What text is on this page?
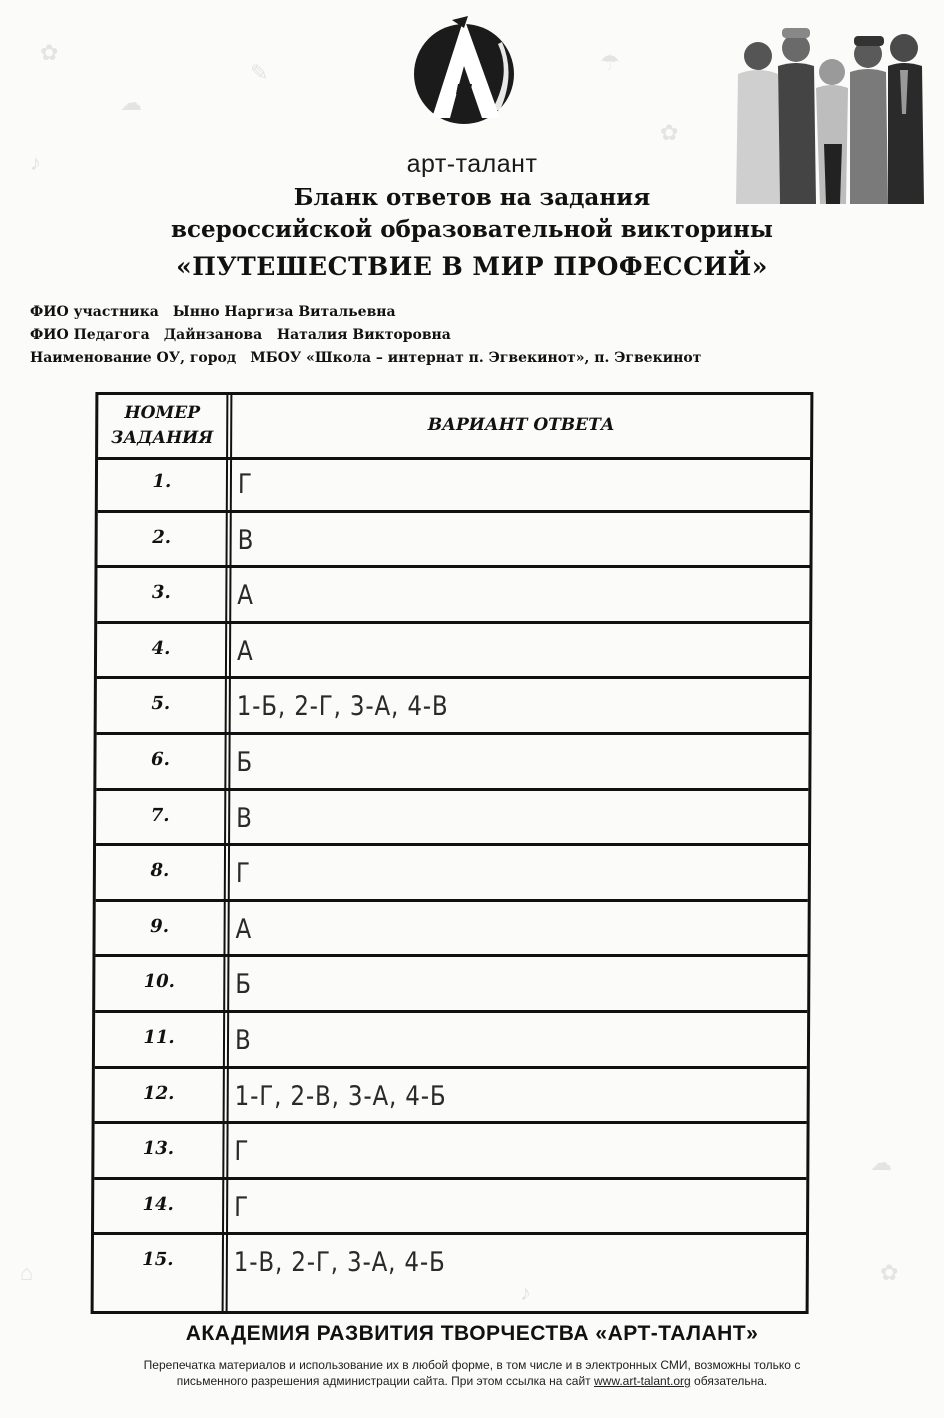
✿
☁
✎	☂
✿
♪
☁
⌂	✿
♪
арт-талант
Бланк ответов на задания
всероссийской образовательной викторины
«ПУТЕШЕСТВИЕ В МИР ПРОФЕССИЙ»
ФИО участника Ынно Наргиза Витальевна
ФИО Педагога Дайнзанова   Наталия Викторовна
Наименование ОУ, город МБОУ «Школа – интернат п. Эгвекинот», п. Эгвекинот
НОМЕР
ЗАДАНИЯ
ВАРИАНТ ОТВЕТА
1.	Г
2.	В
3.	А
4.	А
5.	1-Б, 2-Г, 3-А, 4-В
6.	Б
7.	В
8.	Г
9.	А
10.	Б
11.	В
12.	1-Г, 2-В, 3-А, 4-Б
13.	Г
14.	Г
15.	1-В, 2-Г, 3-А, 4-Б
АКАДЕМИЯ РАЗВИТИЯ ТВОРЧЕСТВА «АРТ-ТАЛАНТ»
Перепечатка материалов и использование их в любой форме, в том числе и в электронных СМИ, возможны только с
письменного разрешения администрации сайта. При этом ссылка на сайт www.art-talant.org обязательна.
